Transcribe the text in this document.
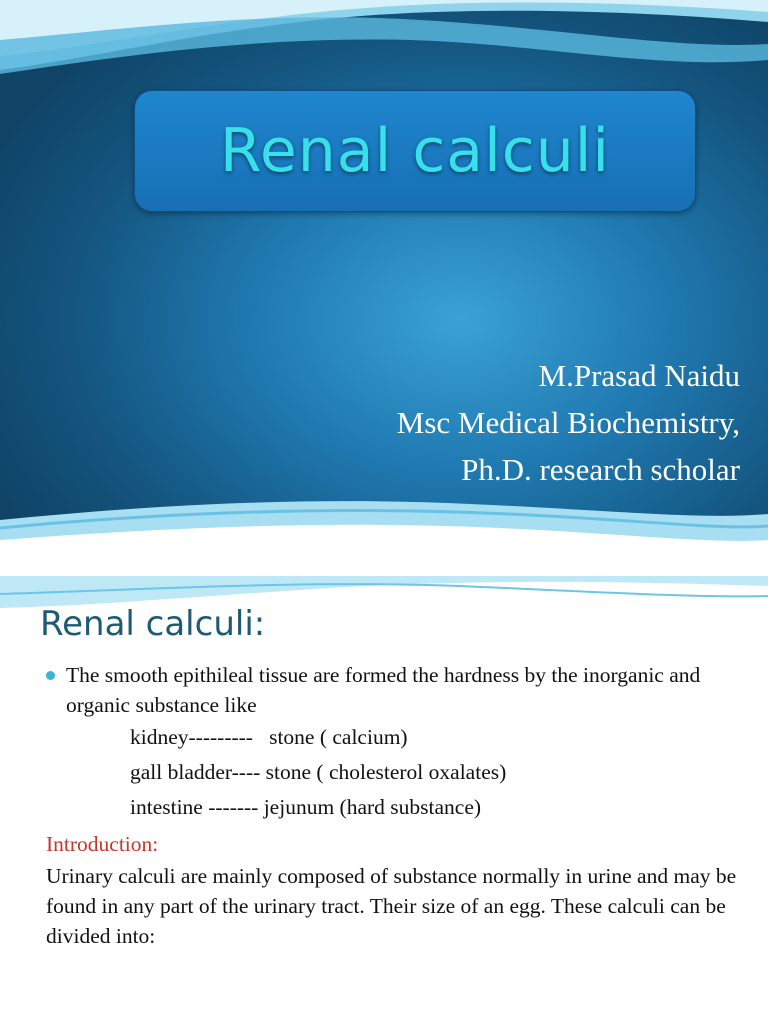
Renal calculi
M.Prasad Naidu
Msc Medical Biochemistry,
Ph.D. research scholar
Renal calculi:
The smooth epithileal tissue are formed the hardness by the inorganic and organic substance like
kidney---------   stone ( calcium)
gall bladder---- stone ( cholesterol oxalates)
intestine ------- jejunum (hard substance)
Introduction:
Urinary calculi are mainly composed of substance normally in urine and may be found in any part of the urinary tract. Their size of an egg. These calculi can be divided into:
